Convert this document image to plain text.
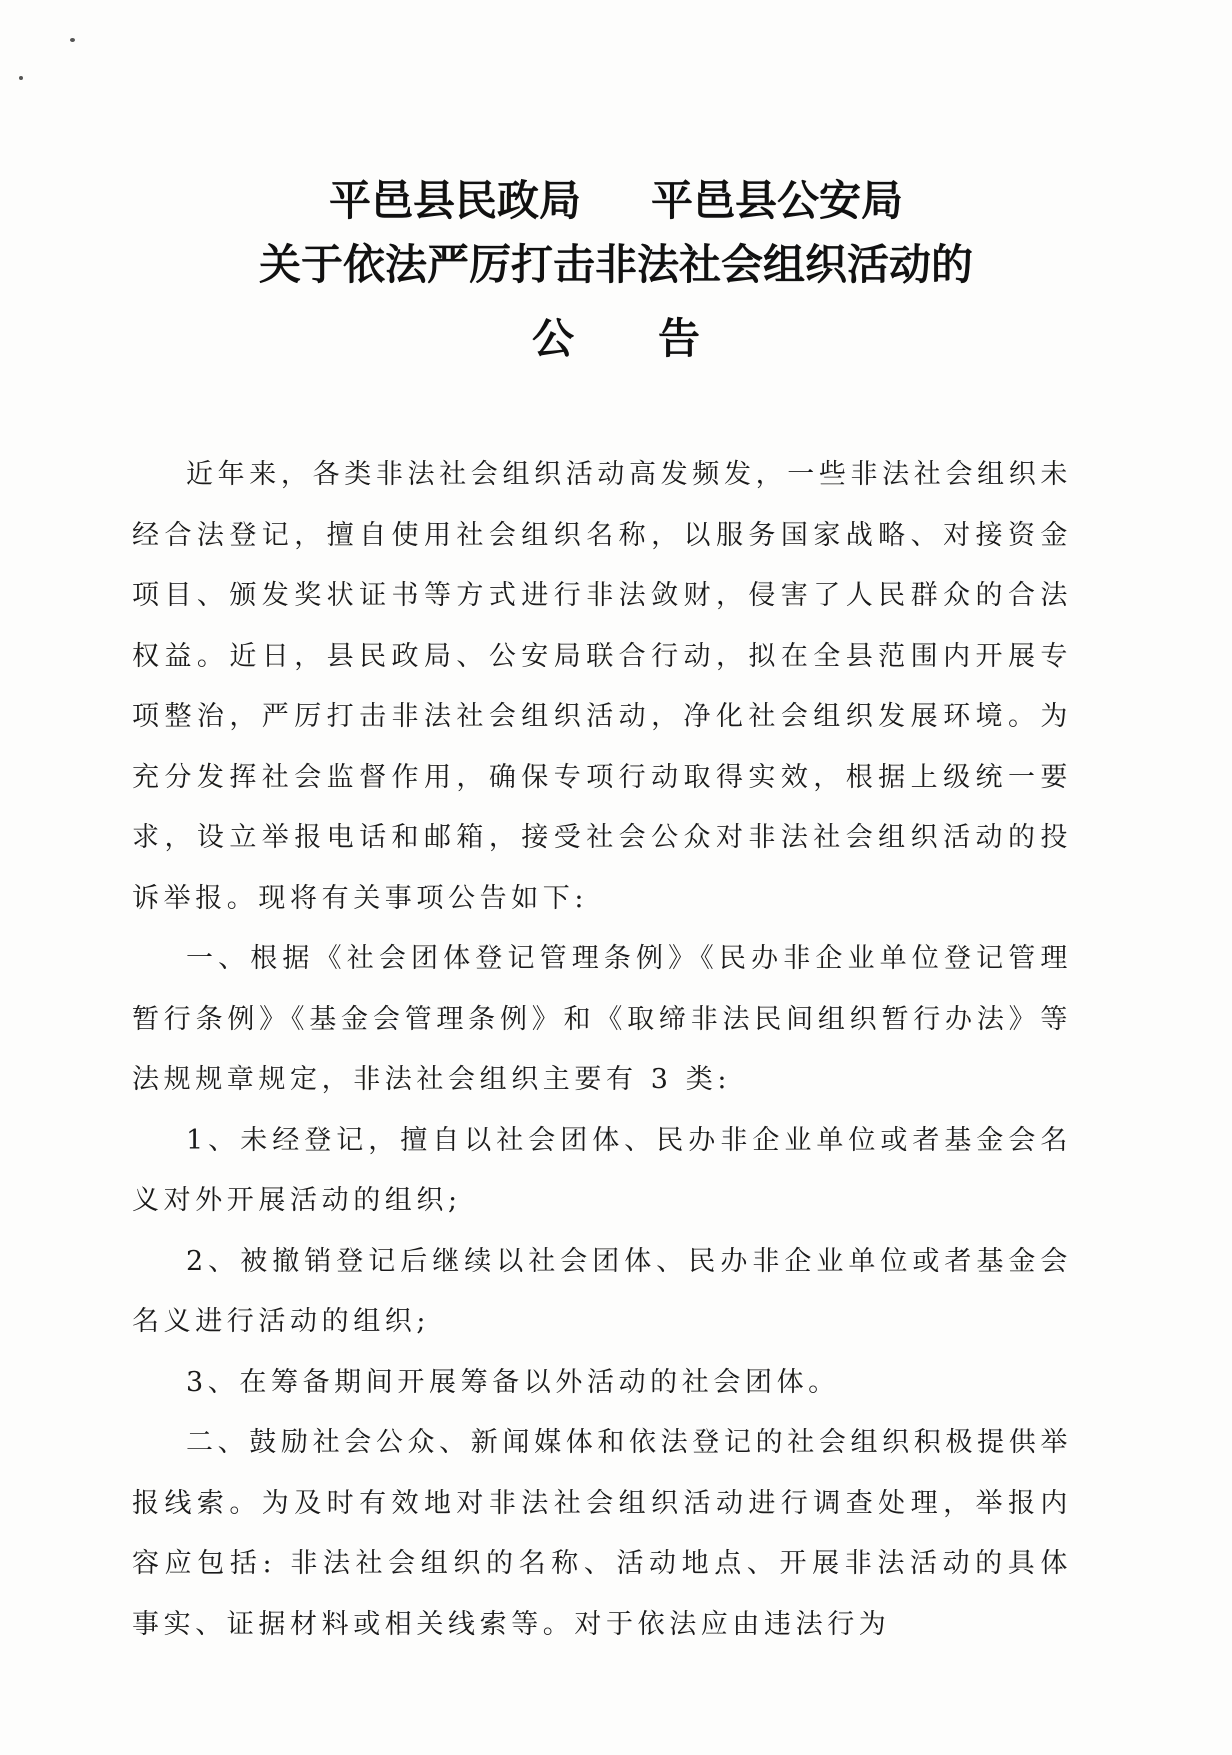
平邑县民政局 平邑县公安局
关于依法严厉打击非法社会组织活动的
公　　告

近年来，各类非法社会组织活动高发频发，一些非法社会组织未经合法登记，擅自使用社会组织名称，以服务国家战略、对接资金项目、颁发奖状证书等方式进行非法敛财，侵害了人民群众的合法权益。近日，县民政局、公安局联合行动，拟在全县范围内开展专项整治，严厉打击非法社会组织活动，净化社会组织发展环境。为充分发挥社会监督作用，确保专项行动取得实效，根据上级统一要求，设立举报电话和邮箱，接受社会公众对非法社会组织活动的投诉举报。现将有关事项公告如下:

一、根据《社会团体登记管理条例》《民办非企业单位登记管理暂行条例》《基金会管理条例》和《取缔非法民间组织暂行办法》等法规规章规定，非法社会组织主要有 3 类:

1、未经登记，擅自以社会团体、民办非企业单位或者基金会名义对外开展活动的组织;

2、被撤销登记后继续以社会团体、民办非企业单位或者基金会名义进行活动的组织;

3、在筹备期间开展筹备以外活动的社会团体。

二、鼓励社会公众、新闻媒体和依法登记的社会组织积极提供举报线索。为及时有效地对非法社会组织活动进行调查处理，举报内容应包括: 非法社会组织的名称、活动地点、开展非法活动的具体事实、证据材料或相关线索等。对于依法应由违法行为
